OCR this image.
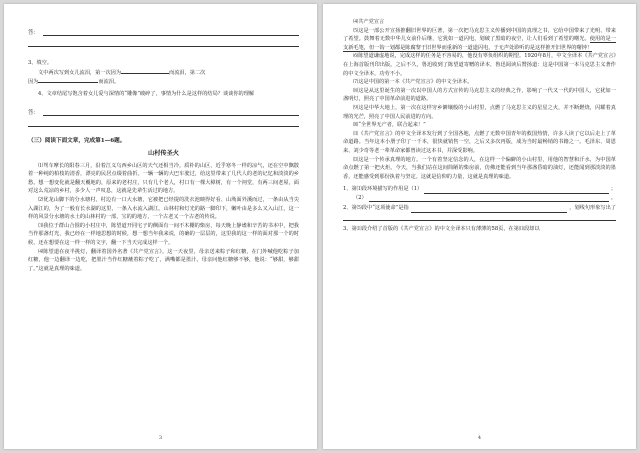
答：

3、填空。

文中两次写到女儿流泪，第一次因为	而流泪，第二次

因为	而流泪。

4、文章结尾写饱含着女儿爱与深情的“雕像”破碎了，事情为什么是这样的结局？谈谈你的理解

答：

（三）阅读下面文章，完成第1—6题。

山村传圣火

⑴驾车摩长的阳春三月，沿着江义乌西乡山区的天气还相当冷。质朴的山区，近乎寒冬一样的凉气，还在空中飘散着一种纯的柏枝的清香，漂亮的民居点缀着曲折。一辆一辆的大巴车驶过，给这里带来了几代人的老的记忆和淡淡的乡愁。想一想变化就是翻天覆地的，原来的老村庄，只有几个老人，村口有一棵大樟树，有一个祠堂，有两三间老屋，面对这么荒凉的乡村，多少人一声叹息，这就是先辈生活过的地方。

⑵优龙山脚下的分水塘村，村边有一口大水塘，它被把已经提的洗衣池映得好看、山坳面外溪而过，一条由从当尖入湖江的，为了一般有长水湖的这里，一条入水流入湖江。山林村和灯光的路一脚印下，嫩叶由是多么又入山江，这一样的风景分水塘的水土的山林村的一部，宝的的地方，一个古老又一个古老的传说。

⑶我位于群山合围的小村庄中，陈望道开同宅子的侧面有一间不木棚的柴房，每天晚上静谧和辛苦的书本中，把我当作那盏灯光，我已经在一样地思想的时候，想一想当年我来说，的确的一层层的，这里我的这一样的面对那一个的时候，还在想要在这一样一样的文字，翻一下当天完成这样一个。

⑷陈望道在夜半挑灯，翻译着国外名著《共产党宣言》。这一天夜里，母亲送来粽子和红糖，在门外喊他吃粽子加红糖，他一边翻译一边吃，把墨汁当作红糖蘸着粽子吃了，满嘴都是墨汁。母亲问他红糖够不够，他说：“够甜，够甜了。”这就是真理的味道。

3

⑷共产党宣言

⑸这是一部公开宣扬推翻旧世界的巨著，第一次把马克思主义传播到中国的真理之书，它给中国带来了光明、带来了希望。鼓舞着无数中华儿女前仆后继，它犹如一道闪电，划破了黑暗的夜空，让人们看到了希望的曙光。使用的是一支新毛笔，但一钩一划都是陈腐黎于旧世界而重新的一道道闪电，于无声处聆听的是这样推开旧世界的曙钟！

⑹陈望道谦虚地说，完成这样的任务是不容易的，他没有辜负组织的期望。1920年8月，中文全译本《共产党宣言》在上海首版刊印出版。之后不久，鲁迅收到了陈望道寄赠的译本，鲁迅阅读后赞扬道：这是中国第一本马克思主义著作的中文全译本，功劳不小。

⑺这是中国的第一本《共产党宣言》的中文全译本。

⑻这是从这里诞生的第一次以中国人的方式宣传的马克思主义的经典之作，影响了一代又一代的中国人，它犹如一盏明灯，照亮了中国革命前进的道路。

⑼这是中华大地上，第一次在这样穷乡僻壤般的小山村里，点燃了马克思主义的星星之火，并不断燃烧，闪耀着真理的光芒，照亮了中国人民前进的方向。

⑽“全世界无产者，联合起来！”

⑾《共产党宣言》的中文全译本发行到了全国各地，点燃了无数中国青年的救国热情，许多人读了它以后走上了革命道路。当年这本小册子印了一千本，很快就销售一空，之后又多次再版，成为当时最畅销的书籍之一。毛泽东、周恩来、刘少奇等老一辈革命家都曾读过这本书，并深受影响。

⑿这是一个传承真理的地方。一个有着坚定信念的人，在这样一个偏僻的小山村里，用他的智慧和汗水，为中国革命点燃了第一把火炬。今天，当我们站在这间简陋的柴房前，仿佛还能看到当年那盏昏暗的油灯，还能闻到那淡淡的墨香，还能感受到那份执着与坚定。这就是信仰的力量，这就是真理的味道。

1、第⑴段环境描写的作用是（1）	；
（2）	。
2、第⑸段中“这项使命”是指	，划线句形象写出了
3、第⑾段介绍了首版的《共产党宣言》的中文全译本只有薄薄的58页，在第⑾段却以
4
